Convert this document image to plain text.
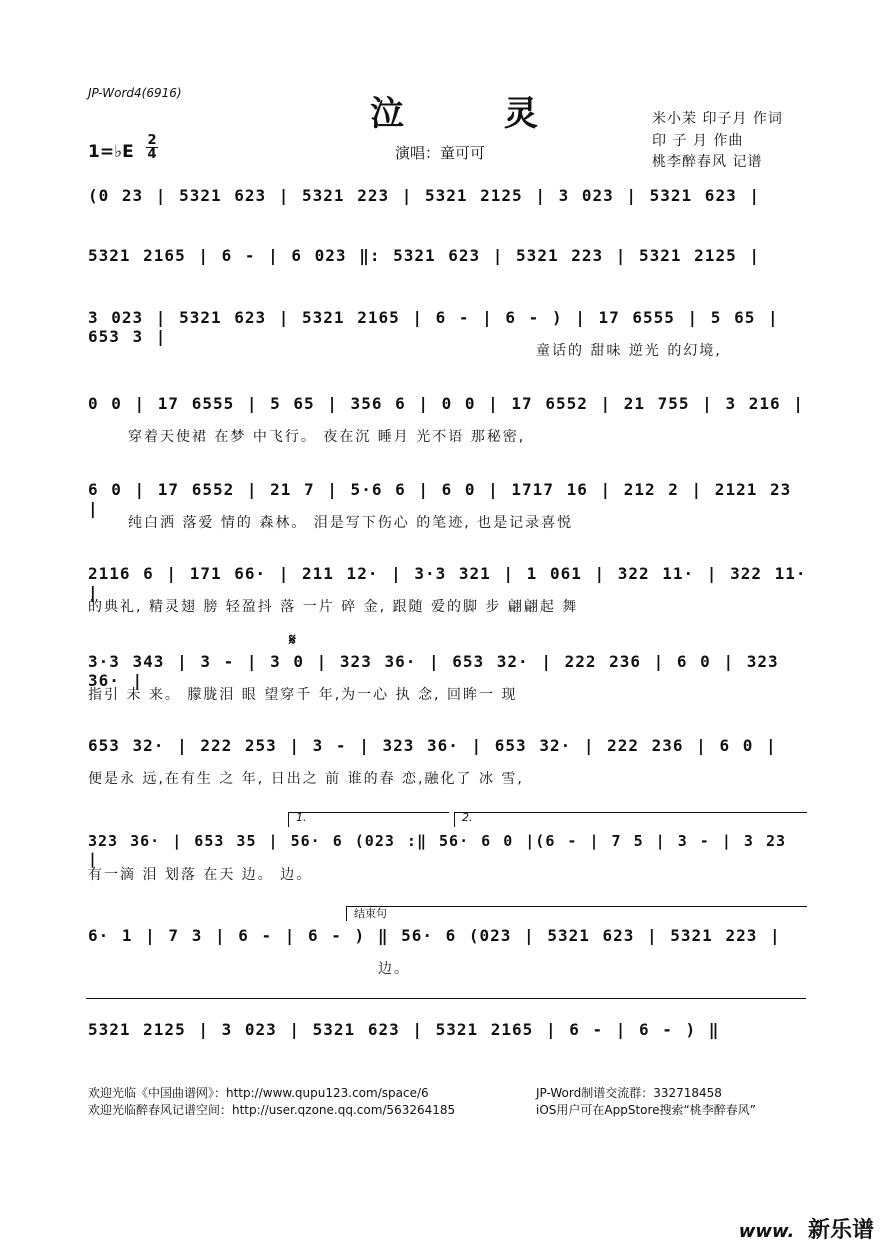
JP-Word4(6916)
泣 灵
1=♭E
2
4	演唱：童可可
米小茉 印子月 作词
印 子 月 作曲
桃李醉春风 记谱
(0 23 | 5321 623 | 5321 223 | 5321 2125 | 3 023 | 5321 623 |
5321 2165 | 6 - | 6 023 ‖: 5321 623 | 5321 223 | 5321 2125 |
3 023 | 5321 623 | 5321 2165 | 6 - | 6 - ) | 17 6555 | 5 65 | 653 3 |
童话的 甜味 逆光 的幻境,
0 0 | 17 6555 | 5 65 | 356 6 | 0 0 | 17 6552 | 21 755 | 3 216 |
穿着天使裙 在梦 中飞行。 夜在沉 睡月 光不语 那秘密,
6 0 | 17 6552 | 21 7 | 5·6 6 | 6 0 | 1717 16 | 212 2 | 2121 23 |
纯白洒 落爱 情的 森林。 泪是写下伤心 的笔迹, 也是记录喜悦
2116 6 | 171 66· | 211 12· | 3·3 321 | 1 061 | 322 11· | 322 11· |
的典礼, 精灵翅 膀 轻盈抖 落 一片 碎 金, 跟随 爱的脚 步 翩翩起 舞
3·3 343 | 3 - | 3 0 | 323 36· | 653 32· | 222 236 | 6 0 | 323 36· |
指引 未 来。 朦胧泪 眼 望穿千 年,为一心 执 念, 回眸一 现
653 32· | 222 253 | 3 - | 323 36· | 653 32· | 222 236 | 6 0 |
便是永 远,在有生 之 年, 日出之 前 谁的春 恋,融化了 冰 雪,
323 36· | 653 35 | 56· 6 (023 :‖ 56· 6 0 |(6 - | 7 5 | 3 - | 3 23 |
有一滴 泪 划落 在天 边。 边。
6· 1 | 7 3 | 6 - | 6 - ) ‖ 56· 6 (023 | 5321 623 | 5321 223 |
边。
5321 2125 | 3 023 | 5321 623 | 5321 2165 | 6 - | 6 - ) ‖
1.	2.
结束句
𝄋
欢迎光临《中国曲谱网》：http://www.qupu123.com/space/6
欢迎光临醉春风记谱空间：http://user.qzone.qq.com/563264185
JP-Word制谱交流群：332718458
iOS用户可在AppStore搜索“桃李醉春风”
www. 新乐谱
